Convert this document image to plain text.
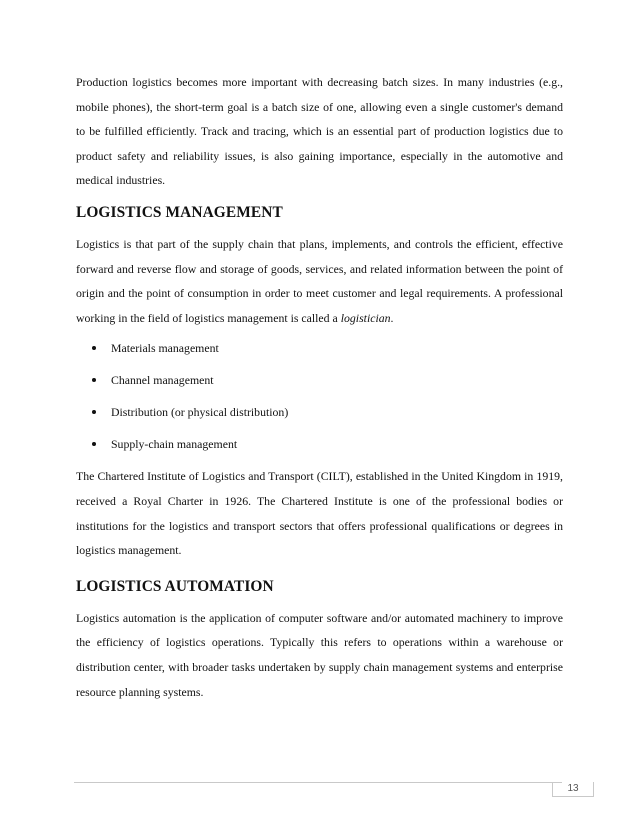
Production logistics becomes more important with decreasing batch sizes. In many industries (e.g., mobile phones), the short-term goal is a batch size of one, allowing even a single customer's demand to be fulfilled efficiently. Track and tracing, which is an essential part of production logistics due to product safety and reliability issues, is also gaining importance, especially in the automotive and medical industries.

LOGISTICS MANAGEMENT

Logistics is that part of the supply chain that plans, implements, and controls the efficient, effective forward and reverse flow and storage of goods, services, and related information between the point of origin and the point of consumption in order to meet customer and legal requirements. A professional working in the field of logistics management is called a logistician.

Materials management
Channel management
Distribution (or physical distribution)
Supply-chain management

The Chartered Institute of Logistics and Transport (CILT), established in the United Kingdom in 1919, received a Royal Charter in 1926. The Chartered Institute is one of the professional bodies or institutions for the logistics and transport sectors that offers professional qualifications or degrees in logistics management.

LOGISTICS AUTOMATION

Logistics automation is the application of computer software and/or automated machinery to improve the efficiency of logistics operations. Typically this refers to operations within a warehouse or distribution center, with broader tasks undertaken by supply chain management systems and enterprise resource planning systems.

13
